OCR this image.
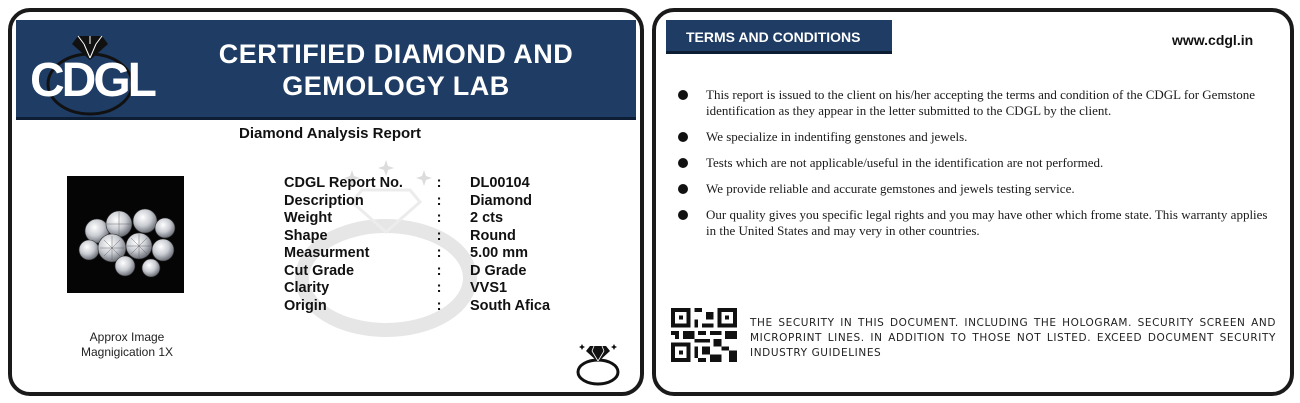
CDGL	CERTIFIED DIAMOND AND
GEMOLOGY LAB
Diamond Analysis Report
Approx Image
Magnigication 1X
CDGL Report No. : DL00104
Description	: Diamond
Weight	: 2 cts
Shape	: Round
Measurment	: 5.00 mm
Cut Grade	: D Grade
Clarity	: VVS1
Origin	: South Afica
TERMS AND CONDITIONS	www.cdgl.in
This report is issued to the client on his/her accepting the terms and condition of the CDGL for Gemstone identification as they appear in the letter submitted to the CDGL by the client.
We specialize in indentifing genstones and jewels.
Tests which are not applicable/useful in the identification are not performed.
We provide reliable and accurate gemstones and jewels testing service.
Our quality gives you specific legal rights and you may have other which frome state. This warranty applies in the United States and may very in other countries.
THE SECURITY IN THIS DOCUMENT. INCLUDING THE HOLOGRAM. SECURITY SCREEN AND MICROPRINT LINES. IN ADDITION TO THOSE NOT LISTED. EXCEED DOCUMENT SECURITY INDUSTRY GUIDELINES
